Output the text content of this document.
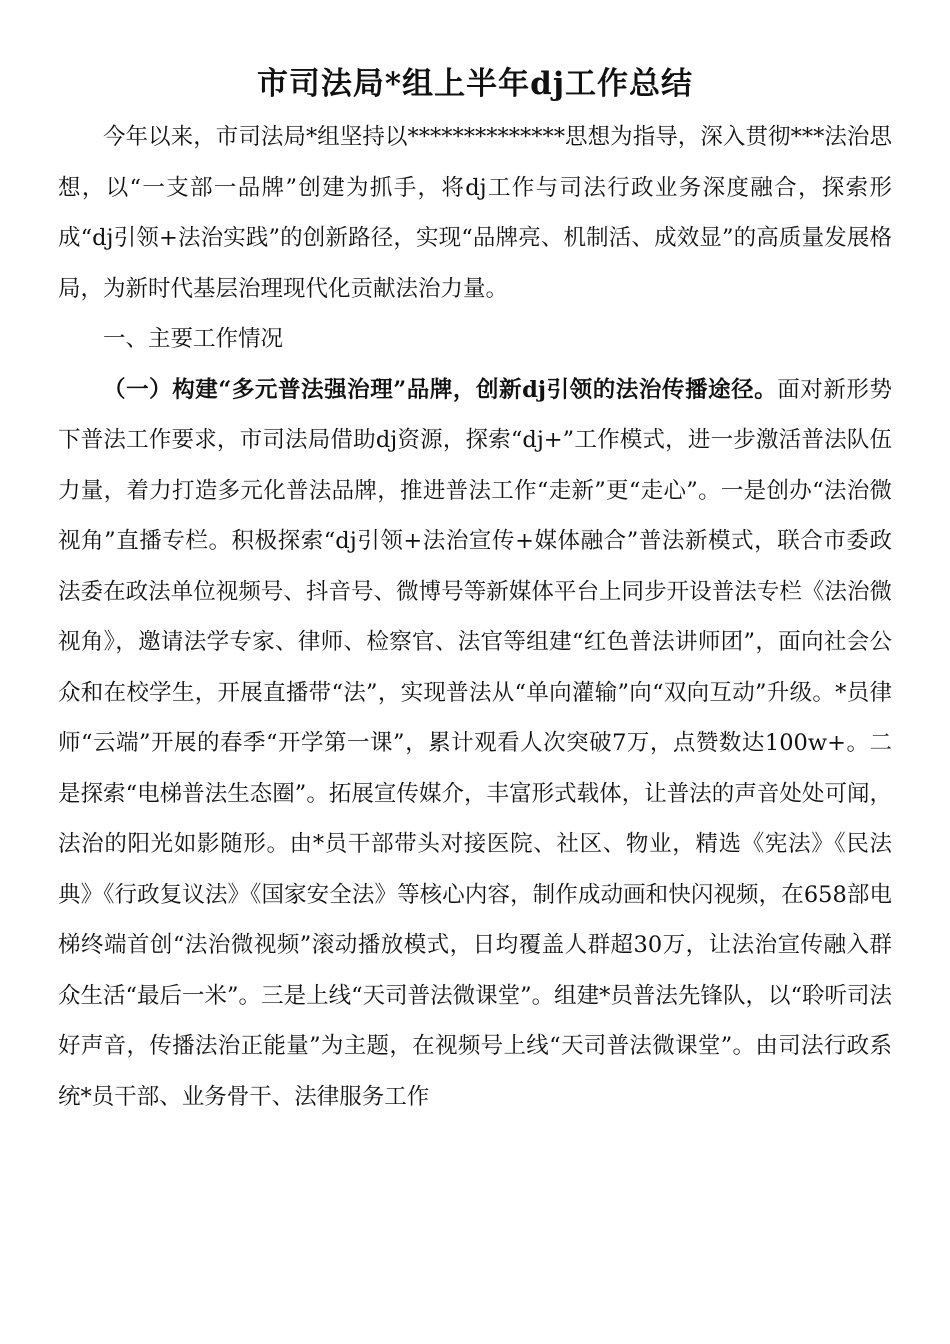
市司法局*组上半年dj工作总结

今年以来，市司法局*组坚持以**************思想为指导，深入贯彻***法治思想，以“一支部一品牌”创建为抓手，将dj工作与司法行政业务深度融合，探索形成“dj引领+法治实践”的创新路径，实现“品牌亮、机制活、成效显”的高质量发展格局，为新时代基层治理现代化贡献法治力量。

一、主要工作情况

（一）构建“多元普法强治理”品牌，创新dj引领的法治传播途径。面对新形势下普法工作要求，市司法局借助dj资源，探索“dj+”工作模式，进一步激活普法队伍力量，着力打造多元化普法品牌，推进普法工作“走新”更“走心”。一是创办“法治微视角”直播专栏。积极探索“dj引领+法治宣传+媒体融合”普法新模式，联合市委政法委在政法单位视频号、抖音号、微博号等新媒体平台上同步开设普法专栏《法治微视角》，邀请法学专家、律师、检察官、法官等组建“红色普法讲师团”，面向社会公众和在校学生，开展直播带“法”，实现普法从“单向灌输”向“双向互动”升级。*员律师“云端”开展的春季“开学第一课”，累计观看人次突破7万，点赞数达100w+。二是探索“电梯普法生态圈”。拓展宣传媒介，丰富形式载体，让普法的声音处处可闻，法治的阳光如影随形。由*员干部带头对接医院、社区、物业，精选《宪法》《民法典》《行政复议法》《国家安全法》等核心内容，制作成动画和快闪视频，在658部电梯终端首创“法治微视频”滚动播放模式，日均覆盖人群超30万，让法治宣传融入群众生活“最后一米”。三是上线“天司普法微课堂”。组建*员普法先锋队，以“聆听司法好声音，传播法治正能量”为主题，在视频号上线“天司普法微课堂”。由司法行政系统*员干部、业务骨干、法律服务工作
